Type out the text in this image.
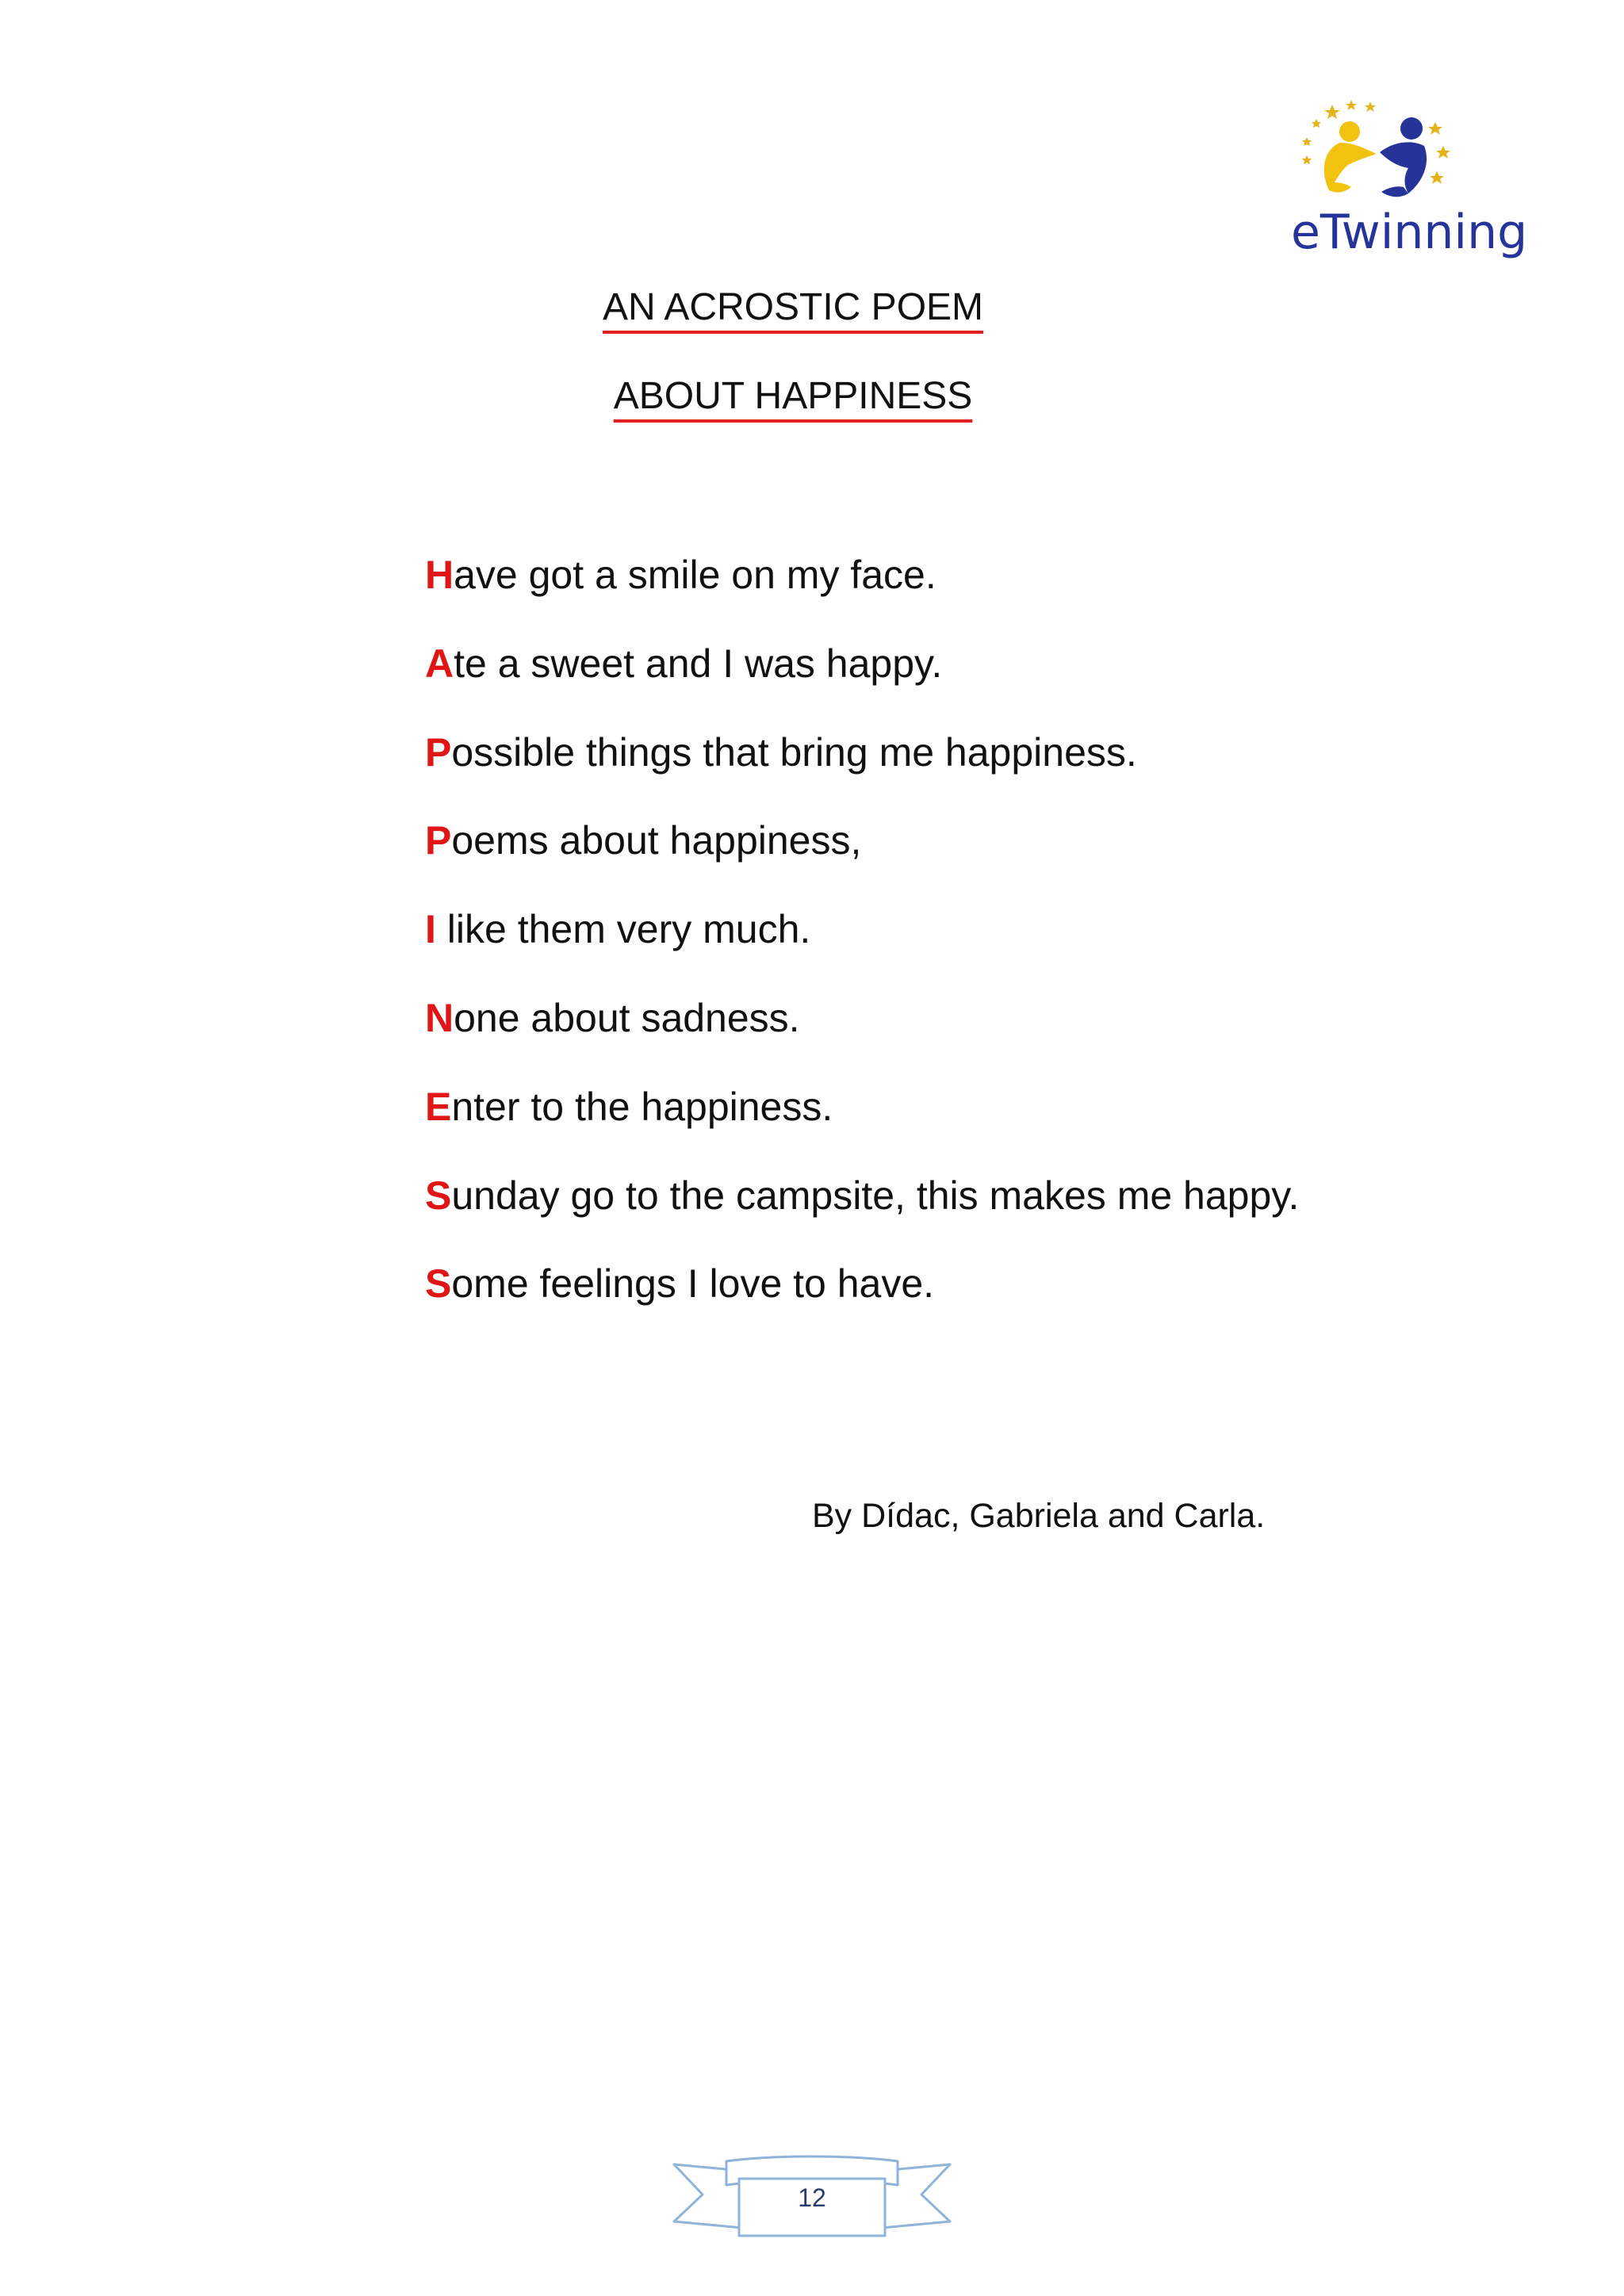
eTwinning
AN ACROSTIC POEM
ABOUT HAPPINESS
Have got a smile on my face.
Ate a sweet and I was happy.
Possible things that bring me happiness.
Poems about happiness,
I like them very much.
None about sadness.
Enter to the happiness.
Sunday go to the campsite, this makes me happy.
Some feelings I love to have.
By Dídac, Gabriela and Carla.
12
